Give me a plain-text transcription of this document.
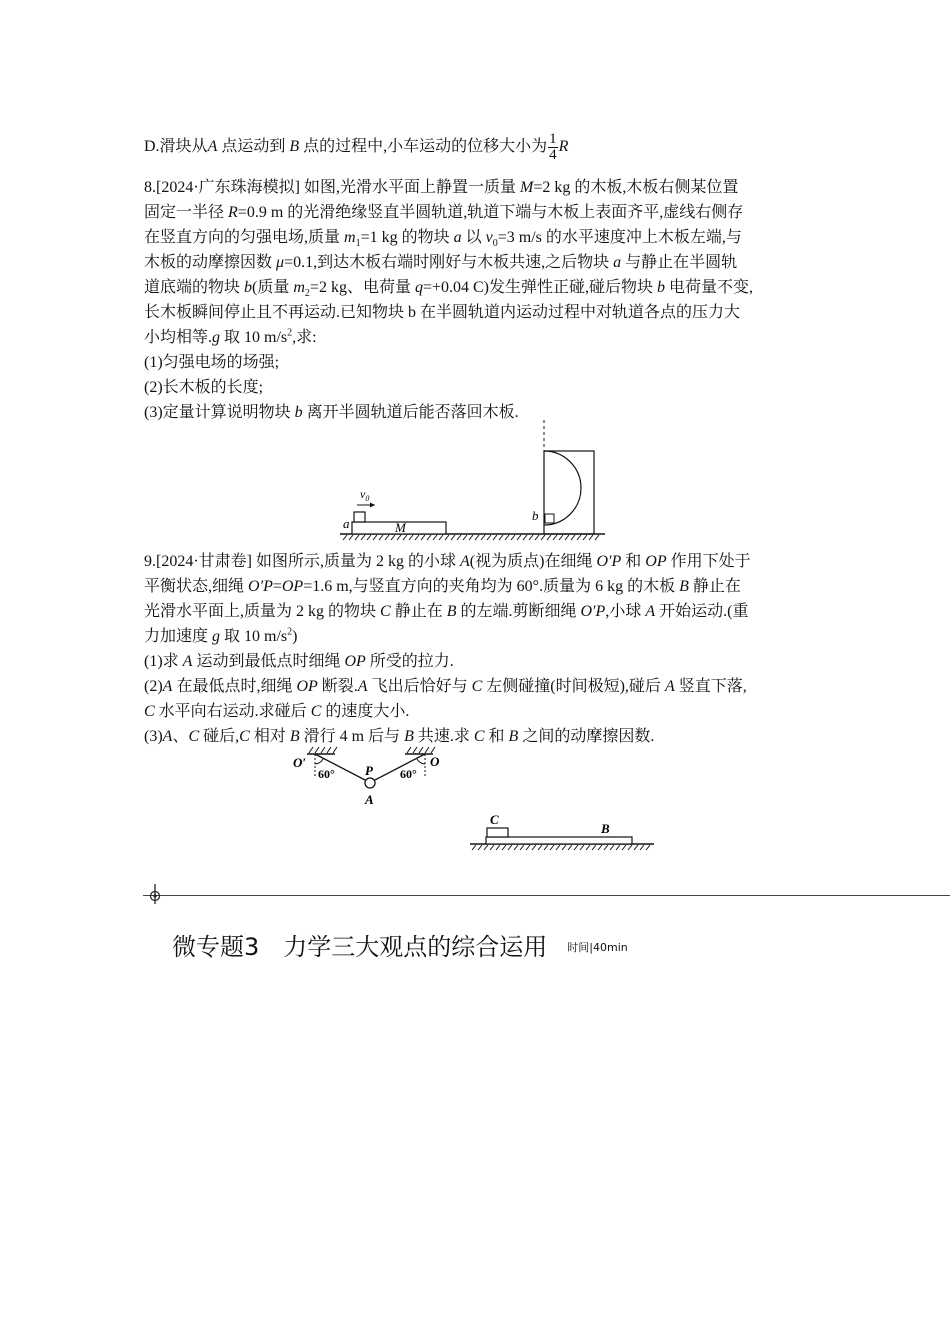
D.滑块从A 点运动到 B 点的过程中,小车运动的位移大小为 $\frac{1}{4}$ R
8.[2024·广东珠海模拟] 如图,光滑水平面上静置一质量 M=2 kg 的木板,木板右侧某位置
固定一半径 R=0.9 m 的光滑绝缘竖直半圆轨道,轨道下端与木板上表面齐平,虚线右侧存
在竖直方向的匀强电场,质量 $m_1=1$ kg 的物块 a 以 $v_0=3$ m/s 的水平速度冲上木板左端,与
木板的动摩擦因数 μ=0.1,到达木板右端时刚好与木板共速,之后物块 a 与静止在半圆轨
道底端的物块 b(质量 $m_2=2$ kg、电荷量 q=+0.04 C)发生弹性正碰,碰后物块 b 电荷量不变,
长木板瞬间停止且不再运动.已知物块 b 在半圆轨道内运动过程中对轨道各点的压力大
小均相等.g 取 10 $m/s^2$,求:
(1)匀强电场的场强;
(2)长木板的长度;
(3)定量计算说明物块 b 离开半圆轨道后能否落回木板.
$v_0$
a	M
b
9.[2024·甘肃卷] 如图所示,质量为 2 kg 的小球 A(视为质点)在细绳 O′P 和 OP 作用下处于
平衡状态,细绳 O′P=OP=1.6 m,与竖直方向的夹角均为 60°.质量为 6 kg 的木板 B 静止在
光滑水平面上,质量为 2 kg 的物块 C 静止在 B 的左端.剪断细绳 O′P,小球 A 开始运动.(重
力加速度 g 取 10 $m/s^2$)
(1)求 A 运动到最低点时细绳 OP 所受的拉力.
(2)A 在最低点时,细绳 OP 断裂.A 飞出后恰好与 C 左侧碰撞(时间极短),碰后 A 竖直下落,
C 水平向右运动.求碰后 C 的速度大小.
(3)A、C 碰后,C 相对 B 滑行 4 m 后与 B 共速.求 C 和 B 之间的动摩擦因数.
O′	O
60°	60°
P
A
C
B
微专题3　力学三大观点的综合运用 时间|40min
